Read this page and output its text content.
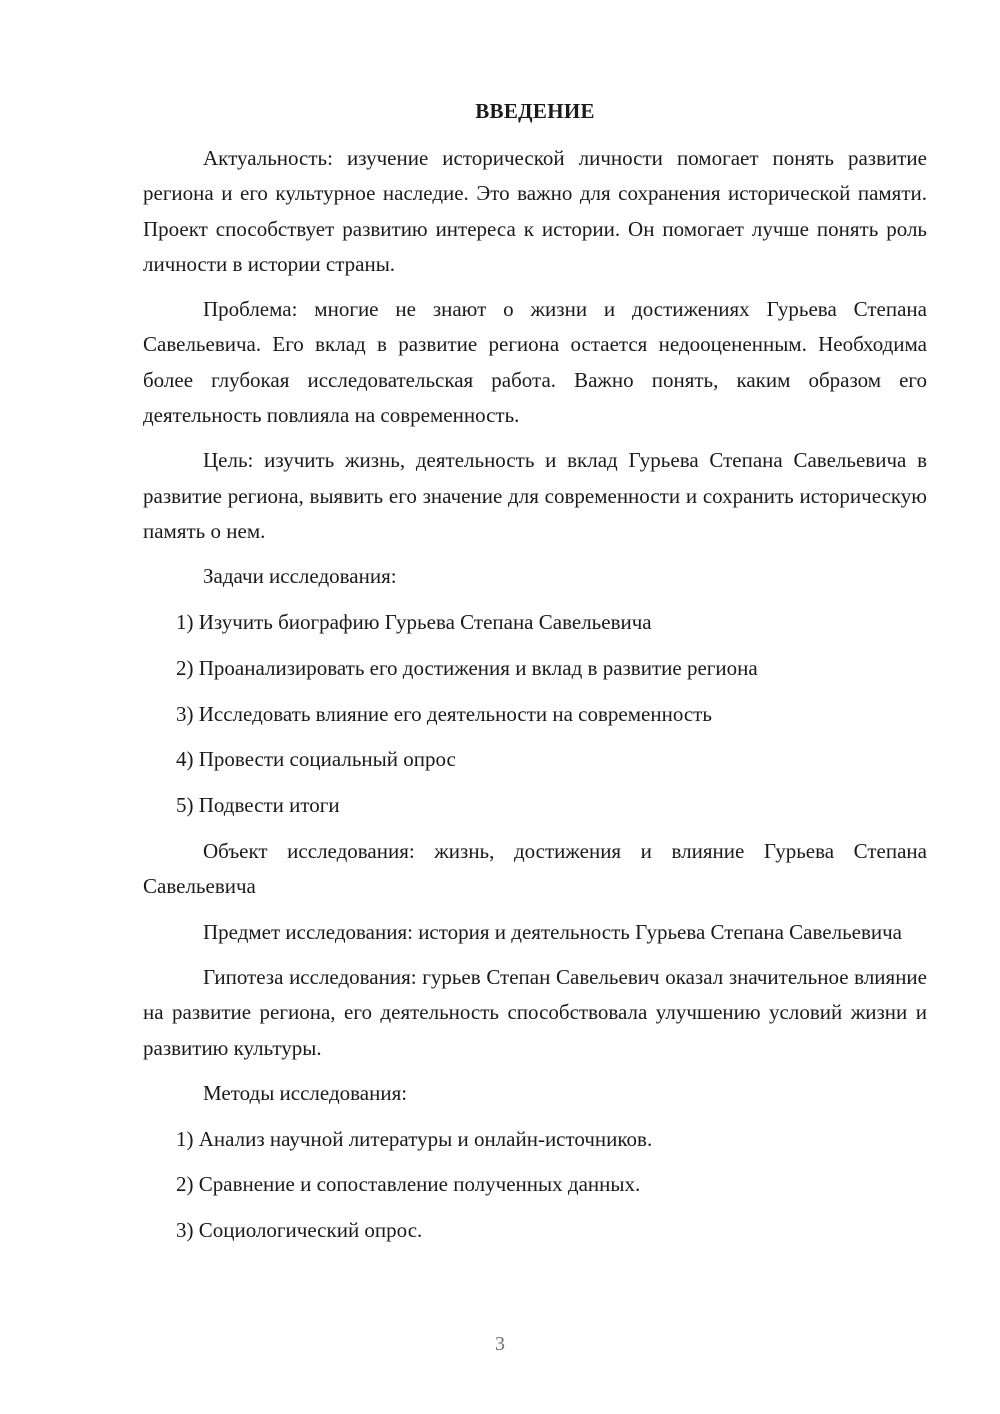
ВВЕДЕНИЕ

Актуальность: изучение исторической личности помогает понять развитие региона и его культурное наследие. Это важно для сохранения исторической памяти. Проект способствует развитию интереса к истории. Он помогает лучше понять роль личности в истории страны.

Проблема: многие не знают о жизни и достижениях Гурьева Степана Савельевича. Его вклад в развитие региона остается недооцененным. Необходима более глубокая исследовательская работа. Важно понять, каким образом его деятельность повлияла на современность.

Цель: изучить жизнь, деятельность и вклад Гурьева Степана Савельевича в развитие региона, выявить его значение для современности и сохранить историческую память о нем.

Задачи исследования:
1) Изучить биографию Гурьева Степана Савельевича
2) Проанализировать его достижения и вклад в развитие региона
3) Исследовать влияние его деятельности на современность
4) Провести социальный опрос
5) Подвести итоги

Объект исследования: жизнь, достижения и влияние Гурьева Степана Савельевича

Предмет исследования: история и деятельность Гурьева Степана Савельевича

Гипотеза исследования: гурьев Степан Савельевич оказал значительное влияние на развитие региона, его деятельность способствовала улучшению условий жизни и развитию культуры.

Методы исследования:
1) Анализ научной литературы и онлайн-источников.
2) Сравнение и сопоставление полученных данных.
3) Социологический опрос.
3
